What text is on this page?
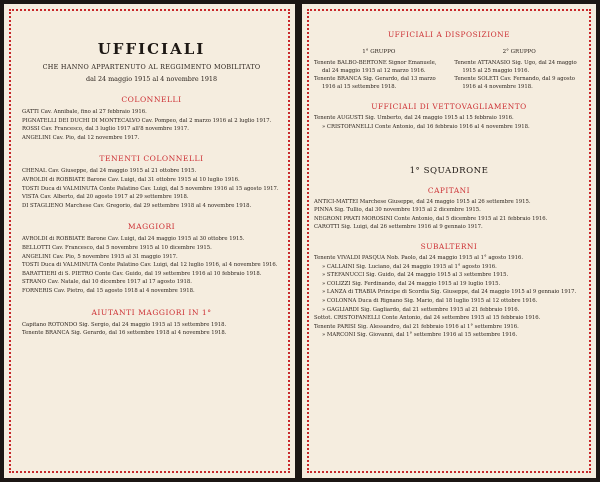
UFFICIALI
CHE HANNO APPARTENUTO AL REGGIMENTO MOBILITATO
dal 24 maggio 1915 al 4 novembre 1918
COLONNELLI
GATTI Cav. Annibale, fino al 27 febbraio 1916.
PIGNATELLI DEI DUCHI DI MONTECALVO Cav. Pompeo, dal 2 marzo 1916 al 2 luglio 1917.
ROSSI Cav. Francesco, dal 3 luglio 1917 all'8 novembre 1917.
ANGELINI Cav. Pio, dal 12 novembre 1917.
TENENTI COLONNELLI
CHENAL Cav. Giuseppe, dal 24 maggio 1915 al 21 ottobre 1915.
AVROLDI di ROBBIATE Barone Cav. Luigi, dal 31 ottobre 1915 al 10 luglio 1916.
TOSTI Duca di VALMINUTA Conte Palatino Cav. Luigi, dal 5 novembre 1916 al 15 agosto 1917.
VISTA Cav. Alberto, dal 20 agosto 1917 al 29 settembre 1918.
DI STAGLIENO Marchese Cav. Gregorio, dal 29 settembre 1918 al 4 novembre 1918.
MAGGIORI
AVROLDI di ROBBIATE Barone Cav. Luigi, dal 24 maggio 1915 al 30 ottobre 1915.
BELLOTTI Cav. Francesco, dal 5 novembre 1915 al 10 dicembre 1915.
ANGELINI Cav. Pio, 5 novembre 1915 al 31 maggio 1917.
TOSTI Duca di VALMINUTA Conte Palatino Cav. Luigi, dal 12 luglio 1916, al 4 novembre 1916.
BARATTIERI di S. PIETRO Conte Cav. Guido, dal 19 settembre 1916 al 10 febbraio 1918.
STRANO Cav. Natale, dal 10 dicembre 1917 al 17 agosto 1918.
FORNERIS Cav. Pietro, dal 15 agosto 1918 al 4 novembre 1918.
AIUTANTI MAGGIORI IN 1°
Capitano ROTONDO Sig. Sergio, dal 24 maggio 1915 al 15 settembre 1918.
Tenente BRANCA Sig. Gerardo, dal 16 settembre 1918 al 4 novembre 1918.
UFFICIALI A DISPOSIZIONE
1° GRUPPO
Tenente BALBO-BERTONE Signor Emanuele, dal 24 maggio 1915 al 12 marzo 1916.
Tenente BRANCA Sig. Gerardo, dal 13 marzo 1916 al 15 settembre 1918.
2° GRUPPO
Tenente ATTANASIO Sig. Ugo, dal 24 maggio 1915 al 25 maggio 1916.
Tenente SOLETI Cav. Fernando, dal 9 agosto 1916 al 4 novembre 1918.
UFFICIALI DI VETTOVAGLIAMENTO
Tenente AUGUSTI Sig. Umberto, dal 24 maggio 1915 al 15 febbraio 1916.
» CRISTOFANELLI Conte Antonio, dal 16 febbraio 1916 al 4 novembre 1918.
1° SQUADRONE
CAPITANI
ANTICI-MATTEI Marchese Giuseppe, dal 24 maggio 1915 al 26 settembre 1915.
PINNA Sig. Tullio, dal 30 novembre 1915 al 2 dicembre 1915.
NEGRONI PRATI MOROSINI Conte Antonio, dal 5 dicembre 1915 al 21 febbraio 1916.
CAROTTI Sig. Luigi, dal 26 settembre 1916 al 9 gennaio 1917.
SUBALTERNI
Tenente VIVALDI PASQUA Nob. Paolo, dal 24 maggio 1915 al 1° agosto 1916.
» CALLAINI Sig. Luciano, dal 24 maggio 1915 al 1° agosto 1916.
» STEFANUCCI Sig. Guido, dal 24 maggio 1915 al 3 settembre 1915.
» COLIZZI Sig. Ferdinando, dal 24 maggio 1915 al 19 luglio 1915.
» LANZA di TRABIA Principe di Scordia Sig. Giuseppe, dal 24 maggio 1915 al 9 gennaio 1917.
» COLONNA Duca di Rignano Sig. Mario, dal 18 luglio 1915 al 12 ottobre 1916.
» GAGLIARDI Sig. Gagliardo, dal 21 settembre 1915 al 21 febbraio 1916.
Sottot. CRISTOFANELLI Conte Antonio, dal 24 settembre 1915 al 15 febbraio 1916.
Tenente PARISI Sig. Alessandro, dal 21 febbraio 1916 al 1° settembre 1916.
» MARCONI Sig. Giovanni, dal 1° settembre 1916 al 15 settembre 1916.
